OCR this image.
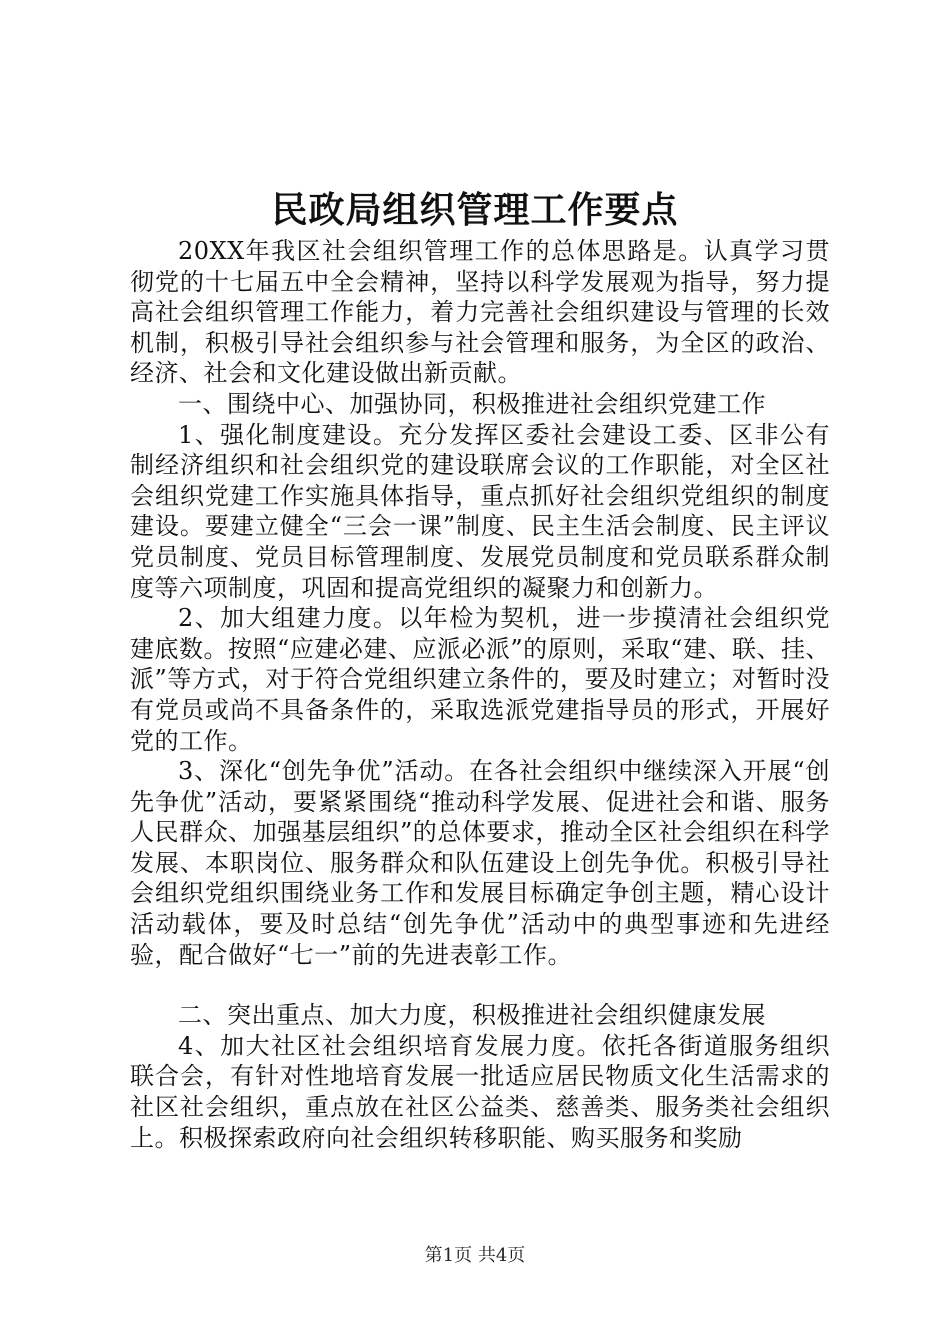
民政局组织管理工作要点

20XX年我区社会组织管理工作的总体思路是。认真学习贯彻党的十七届五中全会精神，坚持以科学发展观为指导，努力提高社会组织管理工作能力，着力完善社会组织建设与管理的长效机制，积极引导社会组织参与社会管理和服务，为全区的政治、经济、社会和文化建设做出新贡献。

一、围绕中心、加强协同，积极推进社会组织党建工作

1、强化制度建设。充分发挥区委社会建设工委、区非公有制经济组织和社会组织党的建设联席会议的工作职能，对全区社会组织党建工作实施具体指导，重点抓好社会组织党组织的制度建设。要建立健全“三会一课”制度、民主生活会制度、民主评议党员制度、党员目标管理制度、发展党员制度和党员联系群众制度等六项制度，巩固和提高党组织的凝聚力和创新力。

2、加大组建力度。以年检为契机，进一步摸清社会组织党建底数。按照“应建必建、应派必派”的原则，采取“建、联、挂、派”等方式，对于符合党组织建立条件的，要及时建立；对暂时没有党员或尚不具备条件的，采取选派党建指导员的形式，开展好党的工作。

3、深化“创先争优”活动。在各社会组织中继续深入开展“创先争优”活动，要紧紧围绕“推动科学发展、促进社会和谐、服务人民群众、加强基层组织”的总体要求，推动全区社会组织在科学发展、本职岗位、服务群众和队伍建设上创先争优。积极引导社会组织党组织围绕业务工作和发展目标确定争创主题，精心设计活动载体，要及时总结“创先争优”活动中的典型事迹和先进经验，配合做好“七一”前的先进表彰工作。

二、突出重点、加大力度，积极推进社会组织健康发展

4、加大社区社会组织培育发展力度。依托各街道服务组织联合会，有针对性地培育发展一批适应居民物质文化生活需求的社区社会组织，重点放在社区公益类、慈善类、服务类社会组织上。积极探索政府向社会组织转移职能、购买服务和奖励

第1页 共4页
